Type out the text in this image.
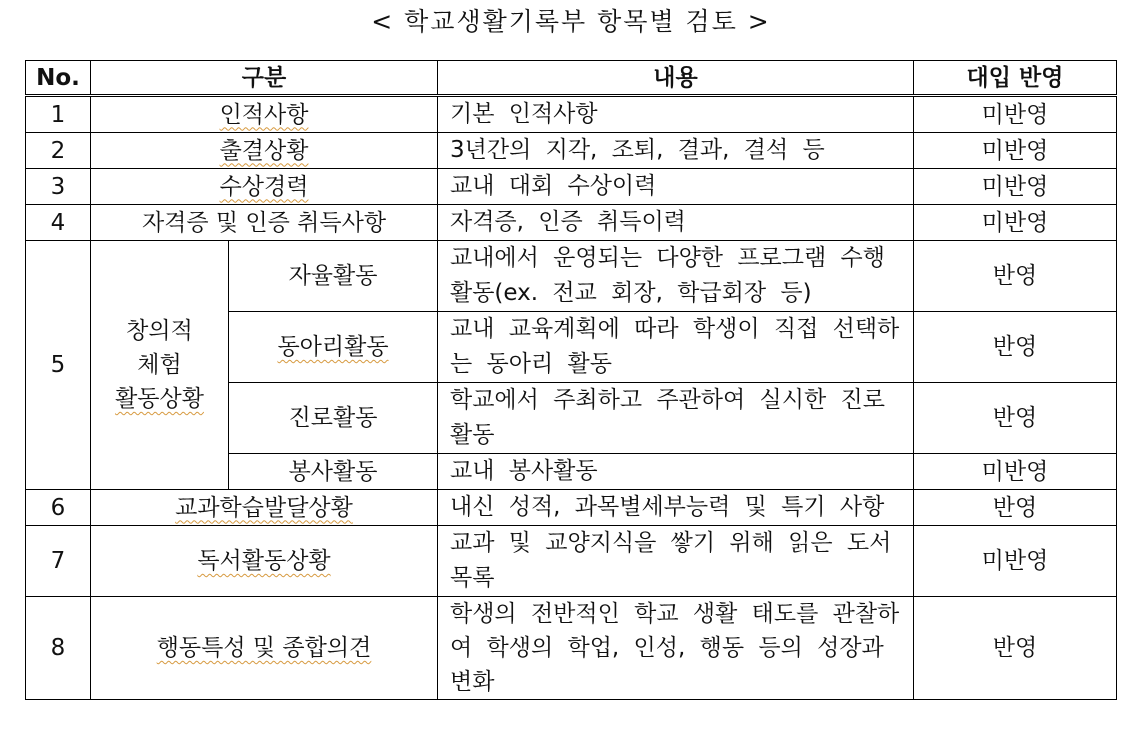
< 학교생활기록부 항목별 검토 >
No.	구분		내용	대입 반영
1	인적사항		기본 인적사항	미반영
2	출결상황		3년간의 지각, 조퇴, 결과, 결석 등	미반영
3	수상경력		교내 대회 수상이력	미반영
4	자격증 및 인증 취득사항		자격증, 인증 취득이력	미반영
5	창의적
체험
활동상황	자율활동	교내에서 운영되는 다양한 프로그램 수행활동(ex. 전교 회장, 학급회장 등)	반영
		동아리활동	교내 교육계획에 따라 학생이 직접 선택하는 동아리 활동	반영
		진로활동	학교에서 주최하고 주관하여 실시한 진로활동	반영
		봉사활동	교내 봉사활동	미반영
6	교과학습발달상황		내신 성적, 과목별세부능력 및 특기 사항	반영
7	독서활동상황		교과 및 교양지식을 쌓기 위해 읽은 도서 목록	미반영
8	행동특성 및 종합의견		학생의 전반적인 학교 생활 태도를 관찰하여 학생의 학업, 인성, 행동 등의 성장과 변화	반영
